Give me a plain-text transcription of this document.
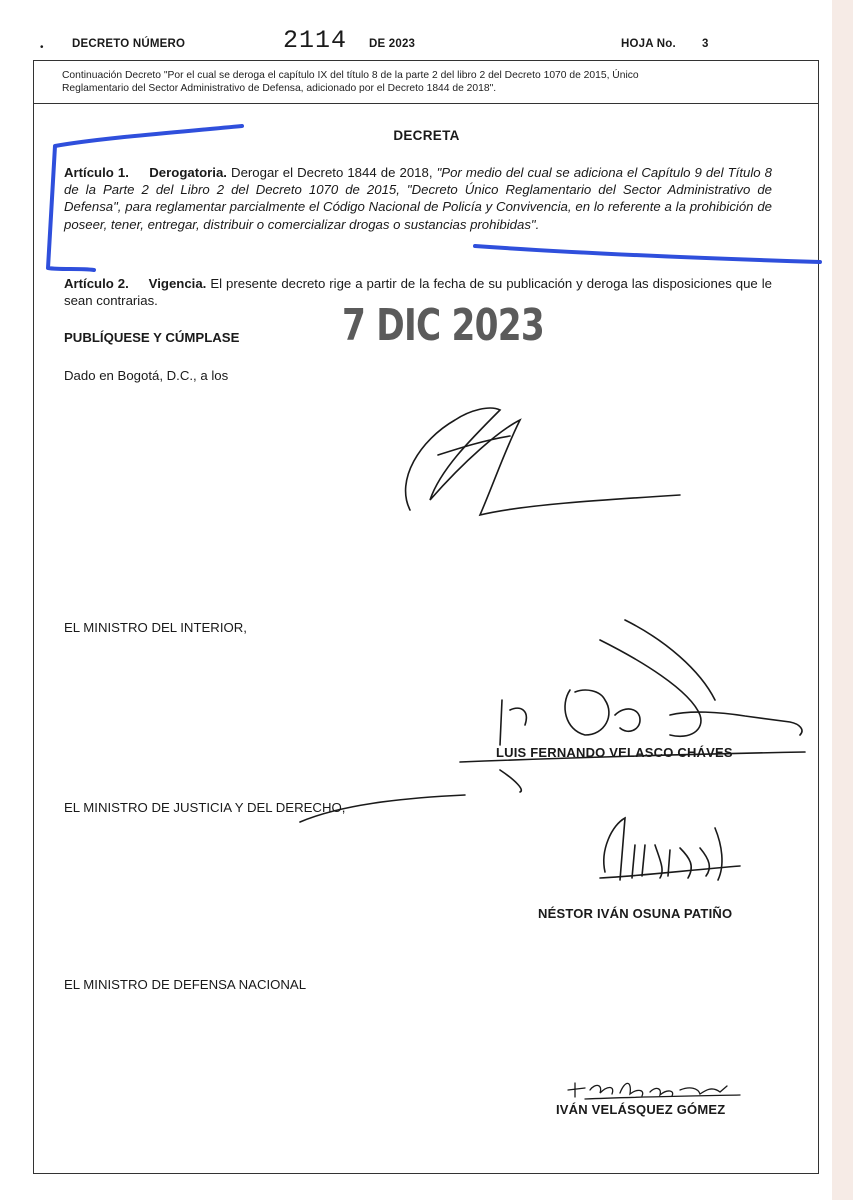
• DECRETO NÚMERO	2114 DE 2023	HOJA No. 3
Continuación Decreto "Por el cual se deroga el capítulo IX del título 8 de la parte 2 del libro 2 del Decreto 1070 de 2015, Único
Reglamentario del Sector Administrativo de Defensa, adicionado por el Decreto 1844 de 2018".
DECRETA
Artículo 1. Derogatoria. Derogar el Decreto 1844 de 2018, "Por medio del cual se adiciona el Capítulo 9 del Título 8 de la Parte 2 del Libro 2 del Decreto 1070 de 2015, "Decreto Único Reglamentario del Sector Administrativo de Defensa", para reglamentar parcialmente el Código Nacional de Policía y Convivencia, en lo referente a la prohibición de poseer, tener, entregar, distribuir o comercializar drogas o sustancias prohibidas".
Artículo 2. Vigencia. El presente decreto rige a partir de la fecha de su publicación y deroga las disposiciones que le sean contrarias.
PUBLÍQUESE Y CÚMPLASE 7 DIC 2023
Dado en Bogotá, D.C., a los
EL MINISTRO DEL INTERIOR,
LUIS FERNANDO VELASCO CHÁVES
EL MINISTRO DE JUSTICIA Y DEL DERECHO,
NÉSTOR IVÁN OSUNA PATIÑO
EL MINISTRO DE DEFENSA NACIONAL
IVÁN VELÁSQUEZ GÓMEZ
